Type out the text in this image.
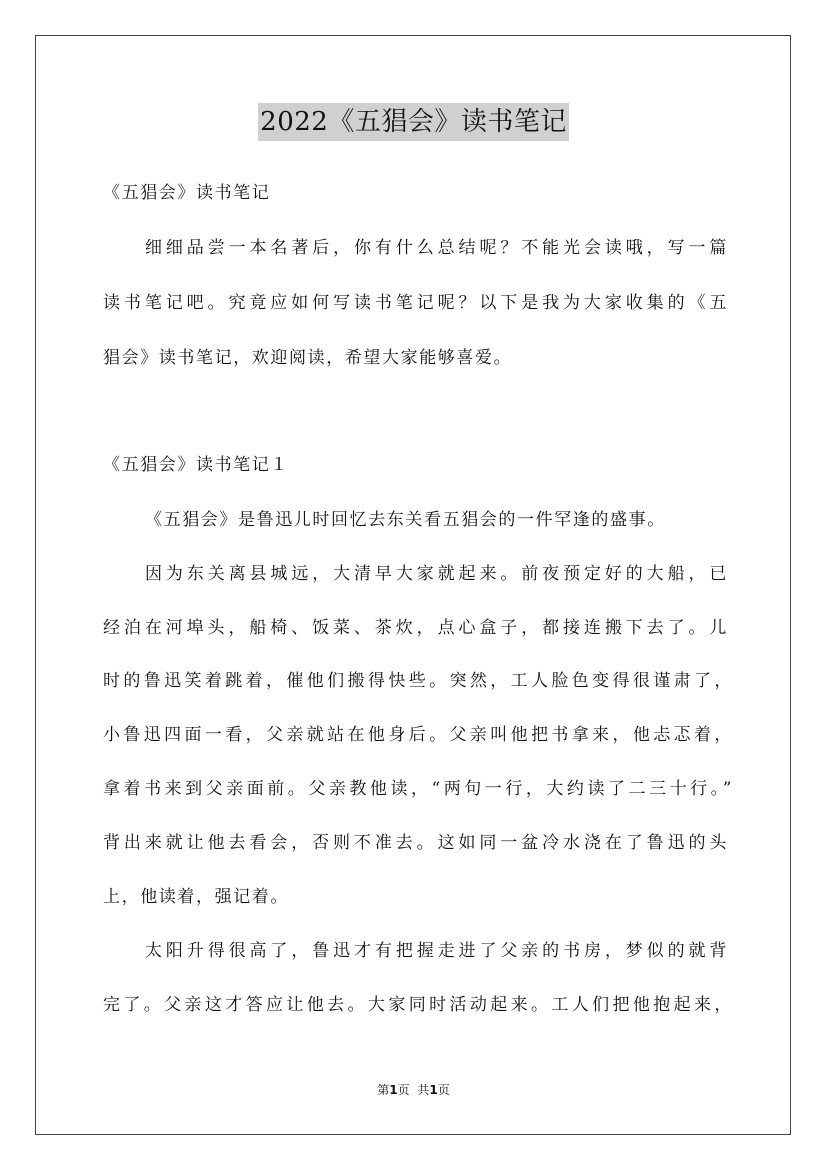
2022《五猖会》读书笔记
《五猖会》读书笔记
细细品尝一本名著后，你有什么总结呢？不能光会读哦，写一篇
读书笔记吧。究竟应如何写读书笔记呢？以下是我为大家收集的《五
猖会》读书笔记，欢迎阅读，希望大家能够喜爱。
《五猖会》读书笔记１
《五猖会》是鲁迅儿时回忆去东关看五猖会的一件罕逢的盛事。
因为东关离县城远，大清早大家就起来。前夜预定好的大船，已
经泊在河埠头，船椅、饭菜、茶炊，点心盒子，都接连搬下去了。儿
时的鲁迅笑着跳着，催他们搬得快些。突然，工人脸色变得很谨肃了，
小鲁迅四面一看，父亲就站在他身后。父亲叫他把书拿来，他忐忑着，
拿着书来到父亲面前。父亲教他读，“两句一行，大约读了二三十行。”
背出来就让他去看会，否则不准去。这如同一盆冷水浇在了鲁迅的头
上，他读着，强记着。
太阳升得很高了，鲁迅才有把握走进了父亲的书房，梦似的就背
完了。父亲这才答应让他去。大家同时活动起来。工人们把他抱起来，
第1页 共1页
